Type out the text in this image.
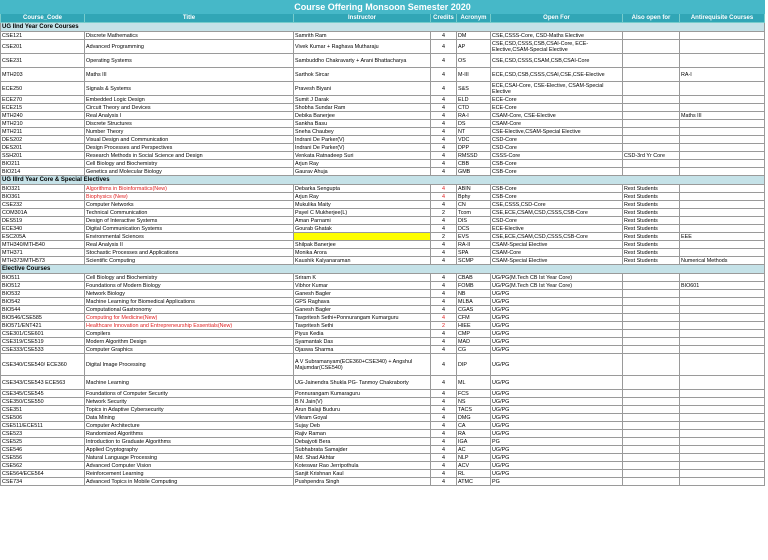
Course Offering Monsoon Semester 2020							
Course_Code	Title	Instructor	Credits	Acronym	Open For	Also open for	Antirequisite Courses
UG IInd Year Core Courses							
CSE121	Discrete Mathematics	Samrith Ram	4	DM	CSE,CSSS-Core, CSD-Maths Elective		
CSE201	Advanced Programming	Vivek Kumar + Raghava Mutharaju	4	AP	CSE,CSD,CSSS,CSB,CSAI-Core, ECE-Elective,CSAM-Special Elective		
CSE231	Operating Systems	Sambuddho Chakravarty + Arani Bhattacharya	4	OS	CSE,CSD,CSSS,CSAM,CSB,CSAI-Core		
MTH203	Maths III	Sarthok Sircar	4	M-III	ECE,CSD,CSB,CSSS,CSAI,CSE,CSE-Elective		RA-I
ECE250	Signals & Systems	Pravesh Biyani	4	S&S	ECE,CSAI-Core, CSE-Elective, CSAM-Special Elective		
ECE270	Embedded Logic Design	Sumit J Darak	4	ELD	ECE-Core		
ECE215	Circuit Theory and Devices	Shobha Sundar Ram	4	CTD	ECE-Core		
MTH240	Real Analysis I	Debika Banerjee	4	RA-I	CSAM-Core, CSE-Elective		Maths III
MTH210	Discrete Structures	Sankha Basu	4	DS	CSAM-Core		
MTH211	Number Theory	Sneha Chaubey	4	NT	CSE-Elective,CSAM-Special Elective		
DES202	Visual Design and Communication	Indrani De Parker(V)	4	VDC	CSD-Core		
DES201	Design Processes and Perspectives	Indrani De Parker(V)	4	DPP	CSD-Core		
SSH201	Research Methods in Social Science and Design	Venkata Ratnadeep Suri	4	RMSSD	CSSS-Core	CSD-3rd Yr Core	
BIO211	Cell Biology and Biochemistry	Arjun Ray	4	CBB	CSB-Core		
BIO214	Genetics and Molecular Biology	Gaurav Ahuja	4	GMB	CSB-Core		
UG IIIrd Year Core & Special Electives							
BIO321	Algorithms in Bioinformatics(New)	Debarka Sengupta	4	ABIN	CSB-Core	Rest Students	
BIO361	Biophysics (New)	Arjun Ray	4	Bphy	CSB-Core	Rest Students	
CSE232	Computer Networks	Mukulika Maity	4	CN	CSE,CSSS,CSD-Core	Rest Students	
COM301A	Technical Communication	Payel C Mukherjee(L)	2	Tcom	CSE,ECE,CSAM,CSD,CSSS,CSB-Core	Rest Students	
DES519	Design of Interactive Systems	Aman Parnami	4	DIS	CSD-Core	Rest Students	
ECE340	Digital Communication Systems	Gourab Ghatak	4	DCS	ECE-Elective	Rest Students	
ESC205A	Environmental Sciences		2	EVS	CSE,ECE,CSAM,CSD,CSSS,CSB-Core	Rest Students	EEE
MTH340/MTH540	Real Analysis II	Shilpak Banerjee	4	RA-II	CSAM-Special Elective	Rest Students	
MTH371	Stochastic Processes and Applications	Monika Arora	4	SPA	CSAM-Core	Rest Students	
MTH373/MTH573	Scientific Computing	Kaushik Kalyanaraman	4	SCMP	CSAM-Special Elective	Rest Students	Numerical Methods
Elective Courses							
BIO511	Cell Biology and Biochemistry	Sriram K	4	CBAB	UG/PG(M.Tech CB Ist Year Core)		
BIO512	Foundations of Modern Biology	Vibhor Kumar	4	FOMB	UG/PG(M.Tech CB Ist Year Core)		BIO601
BIO532	Network Biology	Ganesh Bagler	4	NB	UG/PG		
BIO542	Machine Learning for Biomedical Applications	GPS Raghava	4	MLBA	UG/PG		
BIO544	Computational Gastronomy	Ganesh Bagler	4	CGAS	UG/PG		
BIO546/CSE585	Computing for Medicine(New)	Tavpritesh Sethi+Ponnurangam Kumarguru	4	CFM	UG/PG		
BIO571/ENT421	Healthcare Innovation and Entrepreneurship Essentials(New)	Tavpritesh Sethi	2	HIEE	UG/PG		
CSE301/CSE601	Compilers	Piyus Kedia	4	CMP	UG/PG		
CSE319/CSE519	Modern Algorithm Design	Syamantak Das	4	MAD	UG/PG		
CSE333/CSE533	Computer Graphics	Ojaswa Sharma	4	CG	UG/PG		
CSE340/CSE540/ ECE360	Digital Image Processing	A V Subramanyam(ECE360+CSE340) + Angshul Majumdar(CSE540)	4	DIP	UG/PG		
CSE343/CSE543 ECE563	Machine Learning	UG-Jainendra Shukla PG- Tanmoy Chakraborty	4	ML	UG/PG		
CSE345/CSE545	Foundations of Computer Security	Ponnurangam Kumaraguru	4	FCS	UG/PG		
CSE350/CSE550	Network Security	B N Jain(V)	4	NS	UG/PG		
CSE351	Topics in Adaptive Cybersecurity	Arun Balaji Buduru	4	TACS	UG/PG		
CSE506	Data Mining	Vikram Goyal	4	DMG	UG/PG		
CSE511/ECE511	Computer Architecture	Sujay Deb	4	CA	UG/PG		
CSE523	Randomized Algorithms	Rajiv Raman	4	RA	UG/PG		
CSE525	Introduction to Graduate Algorithms	Debajyoti Bera	4	IGA	PG		
CSE546	Applied Cryptography	Subhabrata Samajder	4	AC	UG/PG		
CSE556	Natural Language Processing	Md. Shad Akhtar	4	NLP	UG/PG		
CSE562	Advanced Computer Vision	Koteswar Rao Jerripothula	4	ACV	UG/PG		
CSE564/ECE564	Reinforcement Learning	Sanjit Krishnan Kaul	4	RL	UG/PG		
CSE734	Advanced Topics in Mobile Computing	Pushpendra Singh	4	ATMC	PG		
